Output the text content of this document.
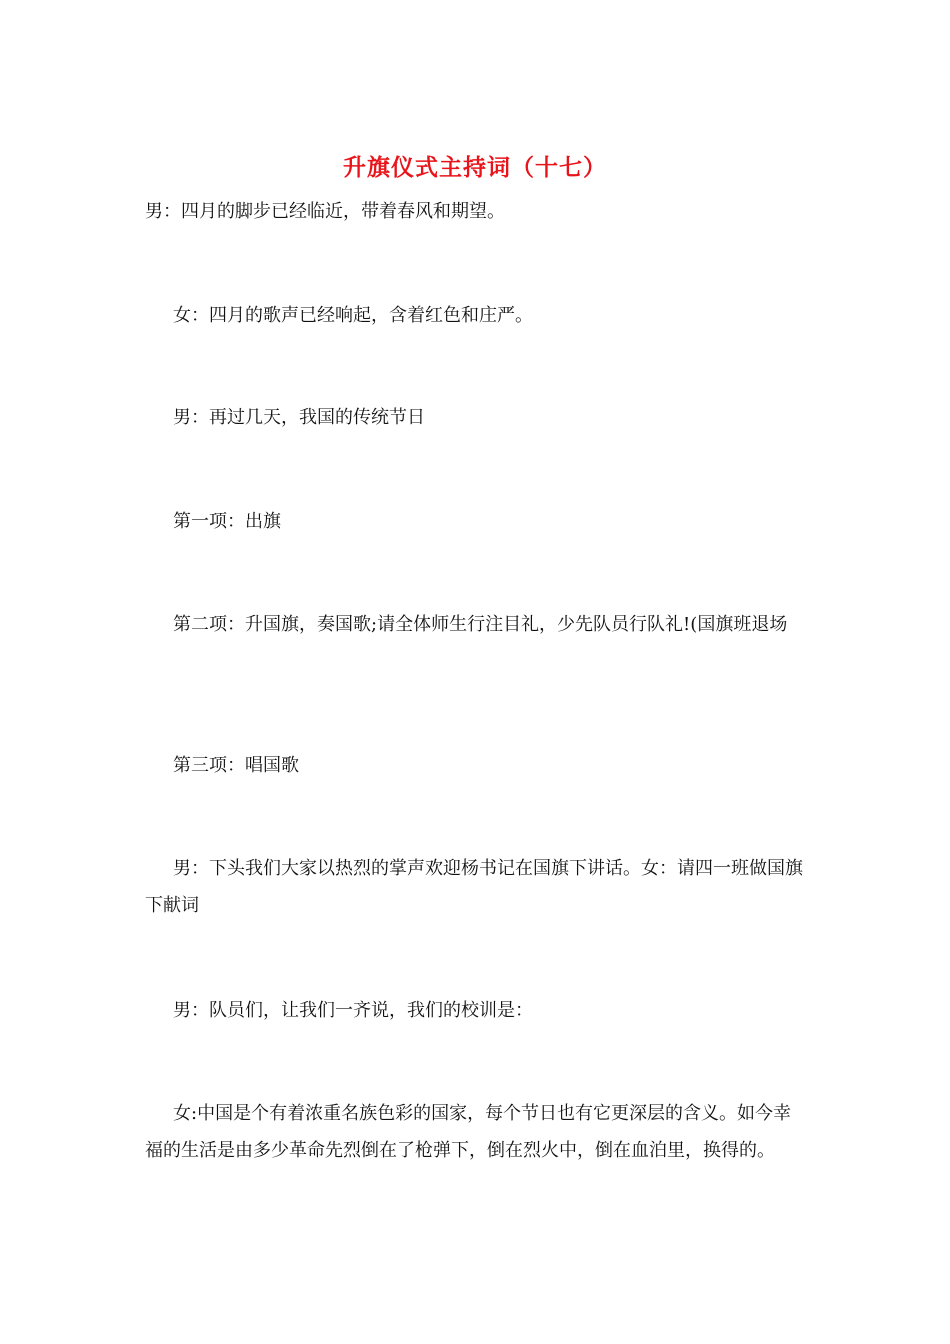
升旗仪式主持词（十七）

男：四月的脚步已经临近，带着春风和期望。

女：四月的歌声已经响起，含着红色和庄严。

男：再过几天，我国的传统节日

第一项：出旗

第二项：升国旗，奏国歌;请全体师生行注目礼，少先队员行队礼!(国旗班退场

第三项：唱国歌

男：下头我们大家以热烈的掌声欢迎杨书记在国旗下讲话。女：请四一班做国旗下献词

男：队员们，让我们一齐说，我们的校训是：

女:中国是个有着浓重名族色彩的国家，每个节日也有它更深层的含义。如今幸福的生活是由多少革命先烈倒在了枪弹下，倒在烈火中，倒在血泊里，换得的。
